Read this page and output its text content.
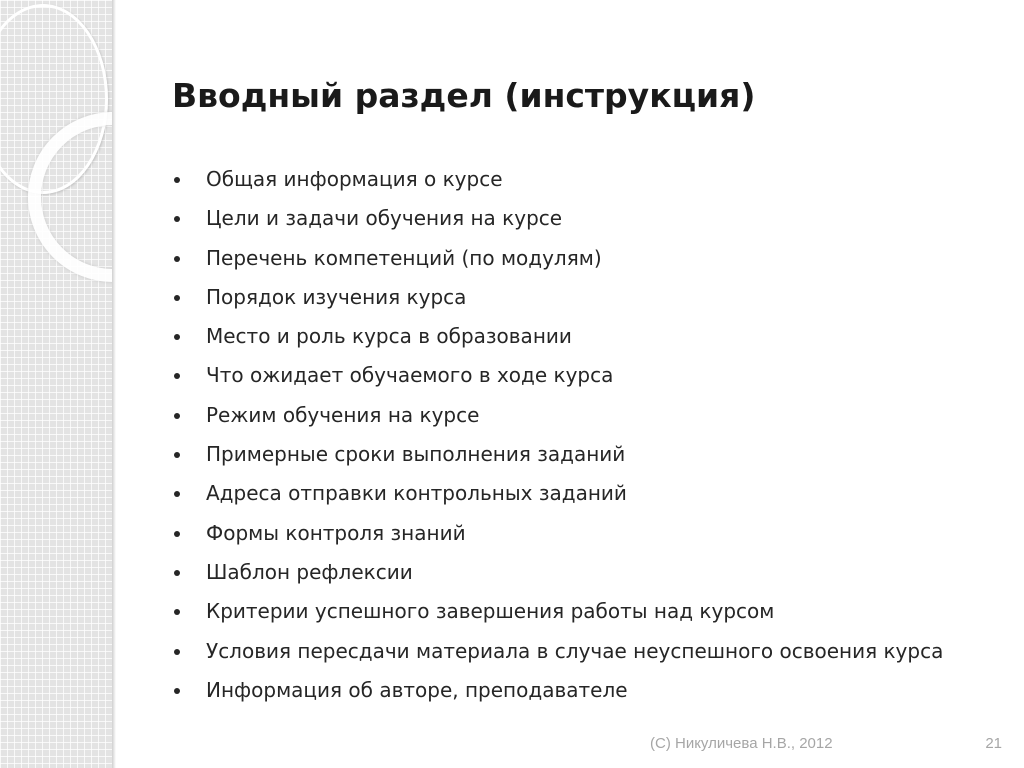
Вводный раздел (инструкция)
Общая информация о курсе
Цели и задачи обучения на курсе
Перечень компетенций (по модулям)
Порядок изучения курса
Место и роль курса в образовании
Что ожидает обучаемого в ходе курса
Режим обучения на курсе
Примерные сроки выполнения заданий
Адреса отправки контрольных заданий
Формы контроля знаний
Шаблон рефлексии
Критерии успешного завершения работы над курсом
Условия пересдачи материала в случае неуспешного освоения курса
Информация об авторе, преподавателе
(С) Никуличева Н.В., 2012	21
